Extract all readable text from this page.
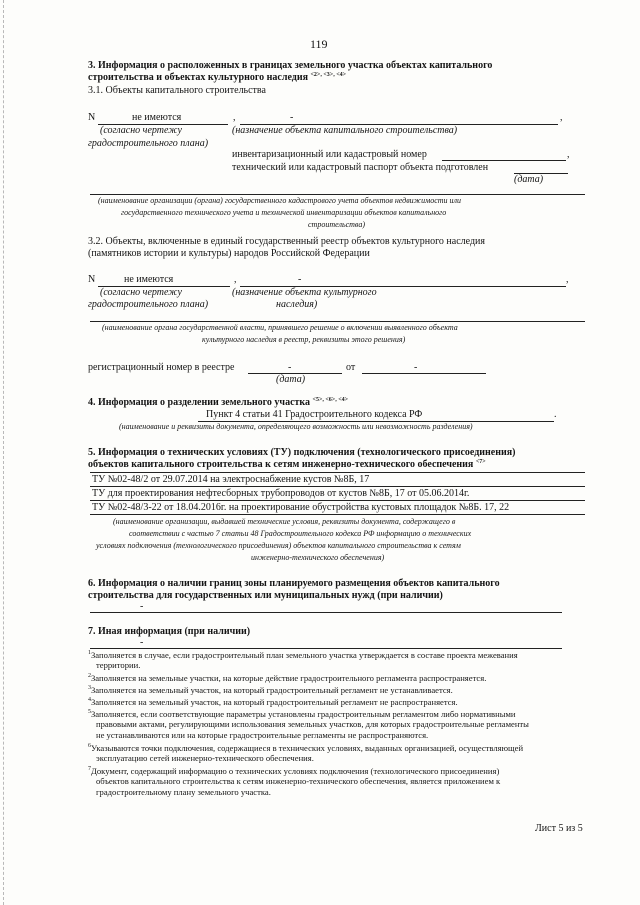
119
3. Информация о расположенных в границах земельного участка объектах капитального
строительства и объектах культурного наследия $^{<2>, <3>, <4>}$
3.1. Объекты капитального строительства
N	не имеются	,	-	,
(согласно чертежу
градостроительного плана)
(назначение объекта капитального строительства)
инвентаризационный или кадастровый номер	,
технический или кадастровый паспорт объекта подготовлен
(дата)
(наименование организации (органа) государственного кадастрового учета объектов недвижимости или
государственного технического учета и технической инвентаризации объектов капитального
строительства)
3.2. Объекты, включенные в единый государственный реестр объектов культурного наследия
(памятников истории и культуры) народов Российской Федерации
N	не имеются	,	-	,
(согласно чертежу
градостроительного плана)
(назначение объекта культурного
наследия)
(наименование органа государственной власти, принявшего решение о включении выявленного объекта
культурного наследия в реестр, реквизиты этого решения)
регистрационный номер в реестре	-	от	-
(дата)
4. Информация о разделении земельного участка $^{<5>, <6>, <4>}$
Пункт 4 статьи 41 Градостроительного кодекса РФ	.
(наименование и реквизиты документа, определяющего возможность или невозможность разделения)
5. Информация о технических условиях (ТУ) подключения (технологического присоединения)
объектов капитального строительства к сетям инженерно-технического обеспечения $^{<7>}$
ТУ №02-48/2 от 29.07.2014 на электроснабжение кустов №8Б, 17
ТУ для проектирования нефтесборных трубопроводов от кустов №8Б, 17 от 05.06.2014г.
ТУ №02-48/3-22 от 18.04.2016г. на проектирование обустройства кустовых площадок №8Б. 17, 22
(наименование организации, выдавшей технические условия, реквизиты документа, содержащего в
соответствии с частью 7 статьи 48 Градостроительного кодекса РФ информацию о технических
условиях подключения (технологического присоединения) объектов капитального строительства к сетям
инженерно-технического обеспечения)
6. Информация о наличии границ зоны планируемого размещения объектов капитального
строительства для государственных или муниципальных нужд (при наличии)
-
7. Иная информация (при наличии)
-
$^1$Заполняется в случае, если градостроительный план земельного участка утверждается в составе проекта межевания
территории.
$^2$Заполняется на земельные участки, на которые действие градостроительного регламента распространяется.
$^3$Заполняется на земельный участок, на который градостроительный регламент не устанавливается.
$^4$Заполняется на земельный участок, на который градостроительный регламент не распространяется.
$^5$Заполняется, если соответствующие параметры установлены градостроительным регламентом либо нормативными
правовыми актами, регулирующими использования земельных участков, для которых градостроительные регламенты
не устанавливаются или на которые градостроительные регламенты не распространяются.
$^6$Указываются точки подключения, содержащиеся в технических условиях, выданных организацией, осуществляющей
эксплуатацию сетей инженерно-технического обеспечения.
$^7$Документ, содержащий информацию о технических условиях подключения (технологического присоединения)
объектов капитального строительства к сетям инженерно-технического обеспечения, является приложением к
градостроительному плану земельного участка.
Лист 5 из 5
